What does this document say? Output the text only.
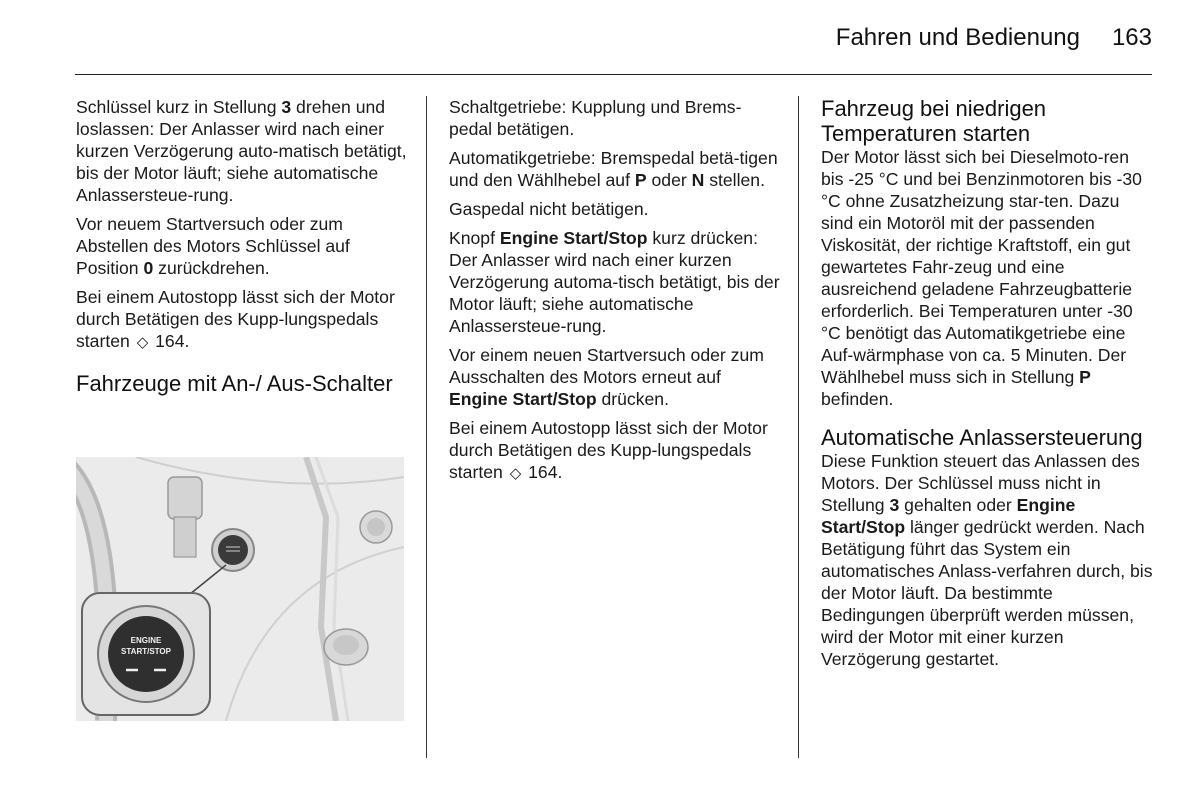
Fahren und Bedienung	163

Schlüssel kurz in Stellung 3 drehen und loslassen: Der Anlasser wird nach einer kurzen Verzögerung auto-matisch betätigt, bis der Motor läuft; siehe automatische Anlassersteue-rung.

Vor neuem Startversuch oder zum Abstellen des Motors Schlüssel auf Position 0 zurückdrehen.

Bei einem Autostopp lässt sich der Motor durch Betätigen des Kupp-lungspedals starten ◇ 164.

Fahrzeuge mit An-/ Aus-Schalter
ENGINE
START/STOP

Schaltgetriebe: Kupplung und Brems-pedal betätigen.

Automatikgetriebe: Bremspedal betä-tigen und den Wählhebel auf P oder N stellen.

Gaspedal nicht betätigen.

Knopf Engine Start/Stop kurz drücken: Der Anlasser wird nach einer kurzen Verzögerung automa-tisch betätigt, bis der Motor läuft; siehe automatische Anlassersteue-rung.

Vor einem neuen Startversuch oder zum Ausschalten des Motors erneut auf Engine Start/Stop drücken.

Bei einem Autostopp lässt sich der Motor durch Betätigen des Kupp-lungspedals starten ◇ 164.

Fahrzeug bei niedrigen Temperaturen starten

Der Motor lässt sich bei Dieselmoto-ren bis -25 °C und bei Benzinmotoren bis -30 °C ohne Zusatzheizung star-ten. Dazu sind ein Motoröl mit der passenden Viskosität, der richtige Kraftstoff, ein gut gewartetes Fahr-zeug und eine ausreichend geladene Fahrzeugbatterie erforderlich. Bei Temperaturen unter -30 °C benötigt das Automatikgetriebe eine Auf-wärmphase von ca. 5 Minuten. Der Wählhebel muss sich in Stellung P befinden.

Automatische Anlassersteuerung

Diese Funktion steuert das Anlassen des Motors. Der Schlüssel muss nicht in Stellung 3 gehalten oder Engine Start/Stop länger gedrückt werden. Nach Betätigung führt das System ein automatisches Anlass-verfahren durch, bis der Motor läuft. Da bestimmte Bedingungen überprüft werden müssen, wird der Motor mit einer kurzen Verzögerung gestartet.
